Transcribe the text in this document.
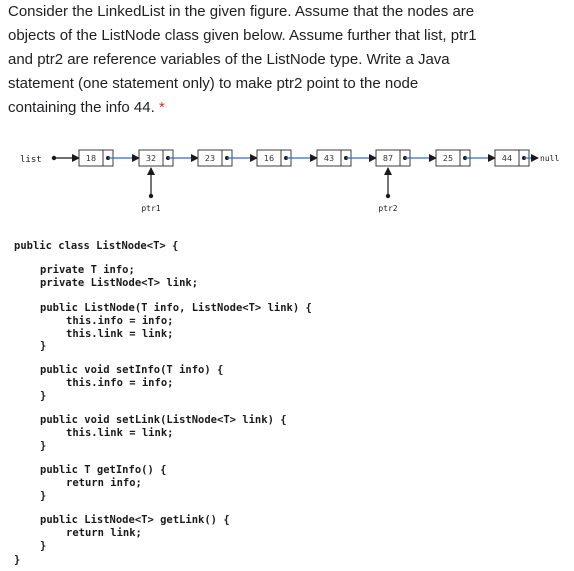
Consider the LinkedList in the given figure. Assume that the nodes are

objects of the ListNode class given below. Assume further that list, ptr1

and ptr2 are reference variables of the ListNode type. Write a Java

statement (one statement only) to make ptr2 point to the node

containing the info 44. *

list	18	32	23	16	43	87	25	44	null
ptr1	ptr2
public class ListNode<T> {
private T info;
private ListNode<T> link;
public ListNode(T info, ListNode<T> link) {
this.info = info;
this.link = link;
}
public void setInfo(T info) {
this.info = info;
}
public void setLink(ListNode<T> link) {
this.link = link;
}
public T getInfo() {
return info;
}
public ListNode<T> getLink() {
return link;
}
}
